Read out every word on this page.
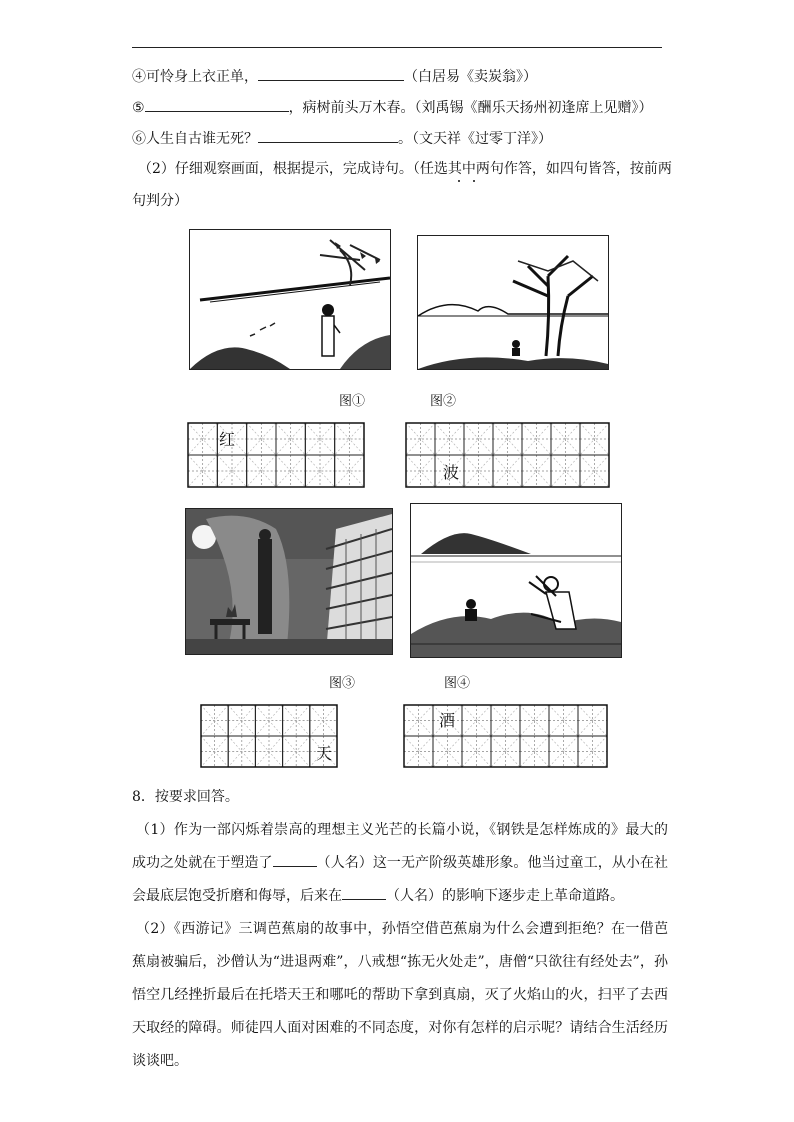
④可怜身上衣正单，	（白居易《卖炭翁》）
⑤	，病树前头万木春。（刘禹锡《酬乐天扬州初逢席上见赠》）
⑥人生自古谁无死？	。（文天祥《过零丁洋》）
（2）仔细观察画面，根据提示，完成诗句。（任选其中两句作答，如四句皆答，按前两
句判分）
图①	图②
红
波
图③	图④
天
酒
8．按要求回答。
（1）作为一部闪烁着崇高的理想主义光芒的长篇小说，《钢铁是怎样炼成的》最大的成功之处就在于塑造了	（人名）这一无产阶级英雄形象。他当过童工，从小在社会最底层饱受折磨和侮辱，后来在	（人名）的影响下逐步走上革命道路。
（2）《西游记》三调芭蕉扇的故事中，孙悟空借芭蕉扇为什么会遭到拒绝？在一借芭蕉扇被骗后，沙僧认为“进退两难”，八戒想“拣无火处走”，唐僧“只欲往有经处去”，孙悟空几经挫折最后在托塔天王和哪吒的帮助下拿到真扇，灭了火焰山的火，扫平了去西天取经的障碍。师徒四人面对困难的不同态度，对你有怎样的启示呢？请结合生活经历谈谈吧。
